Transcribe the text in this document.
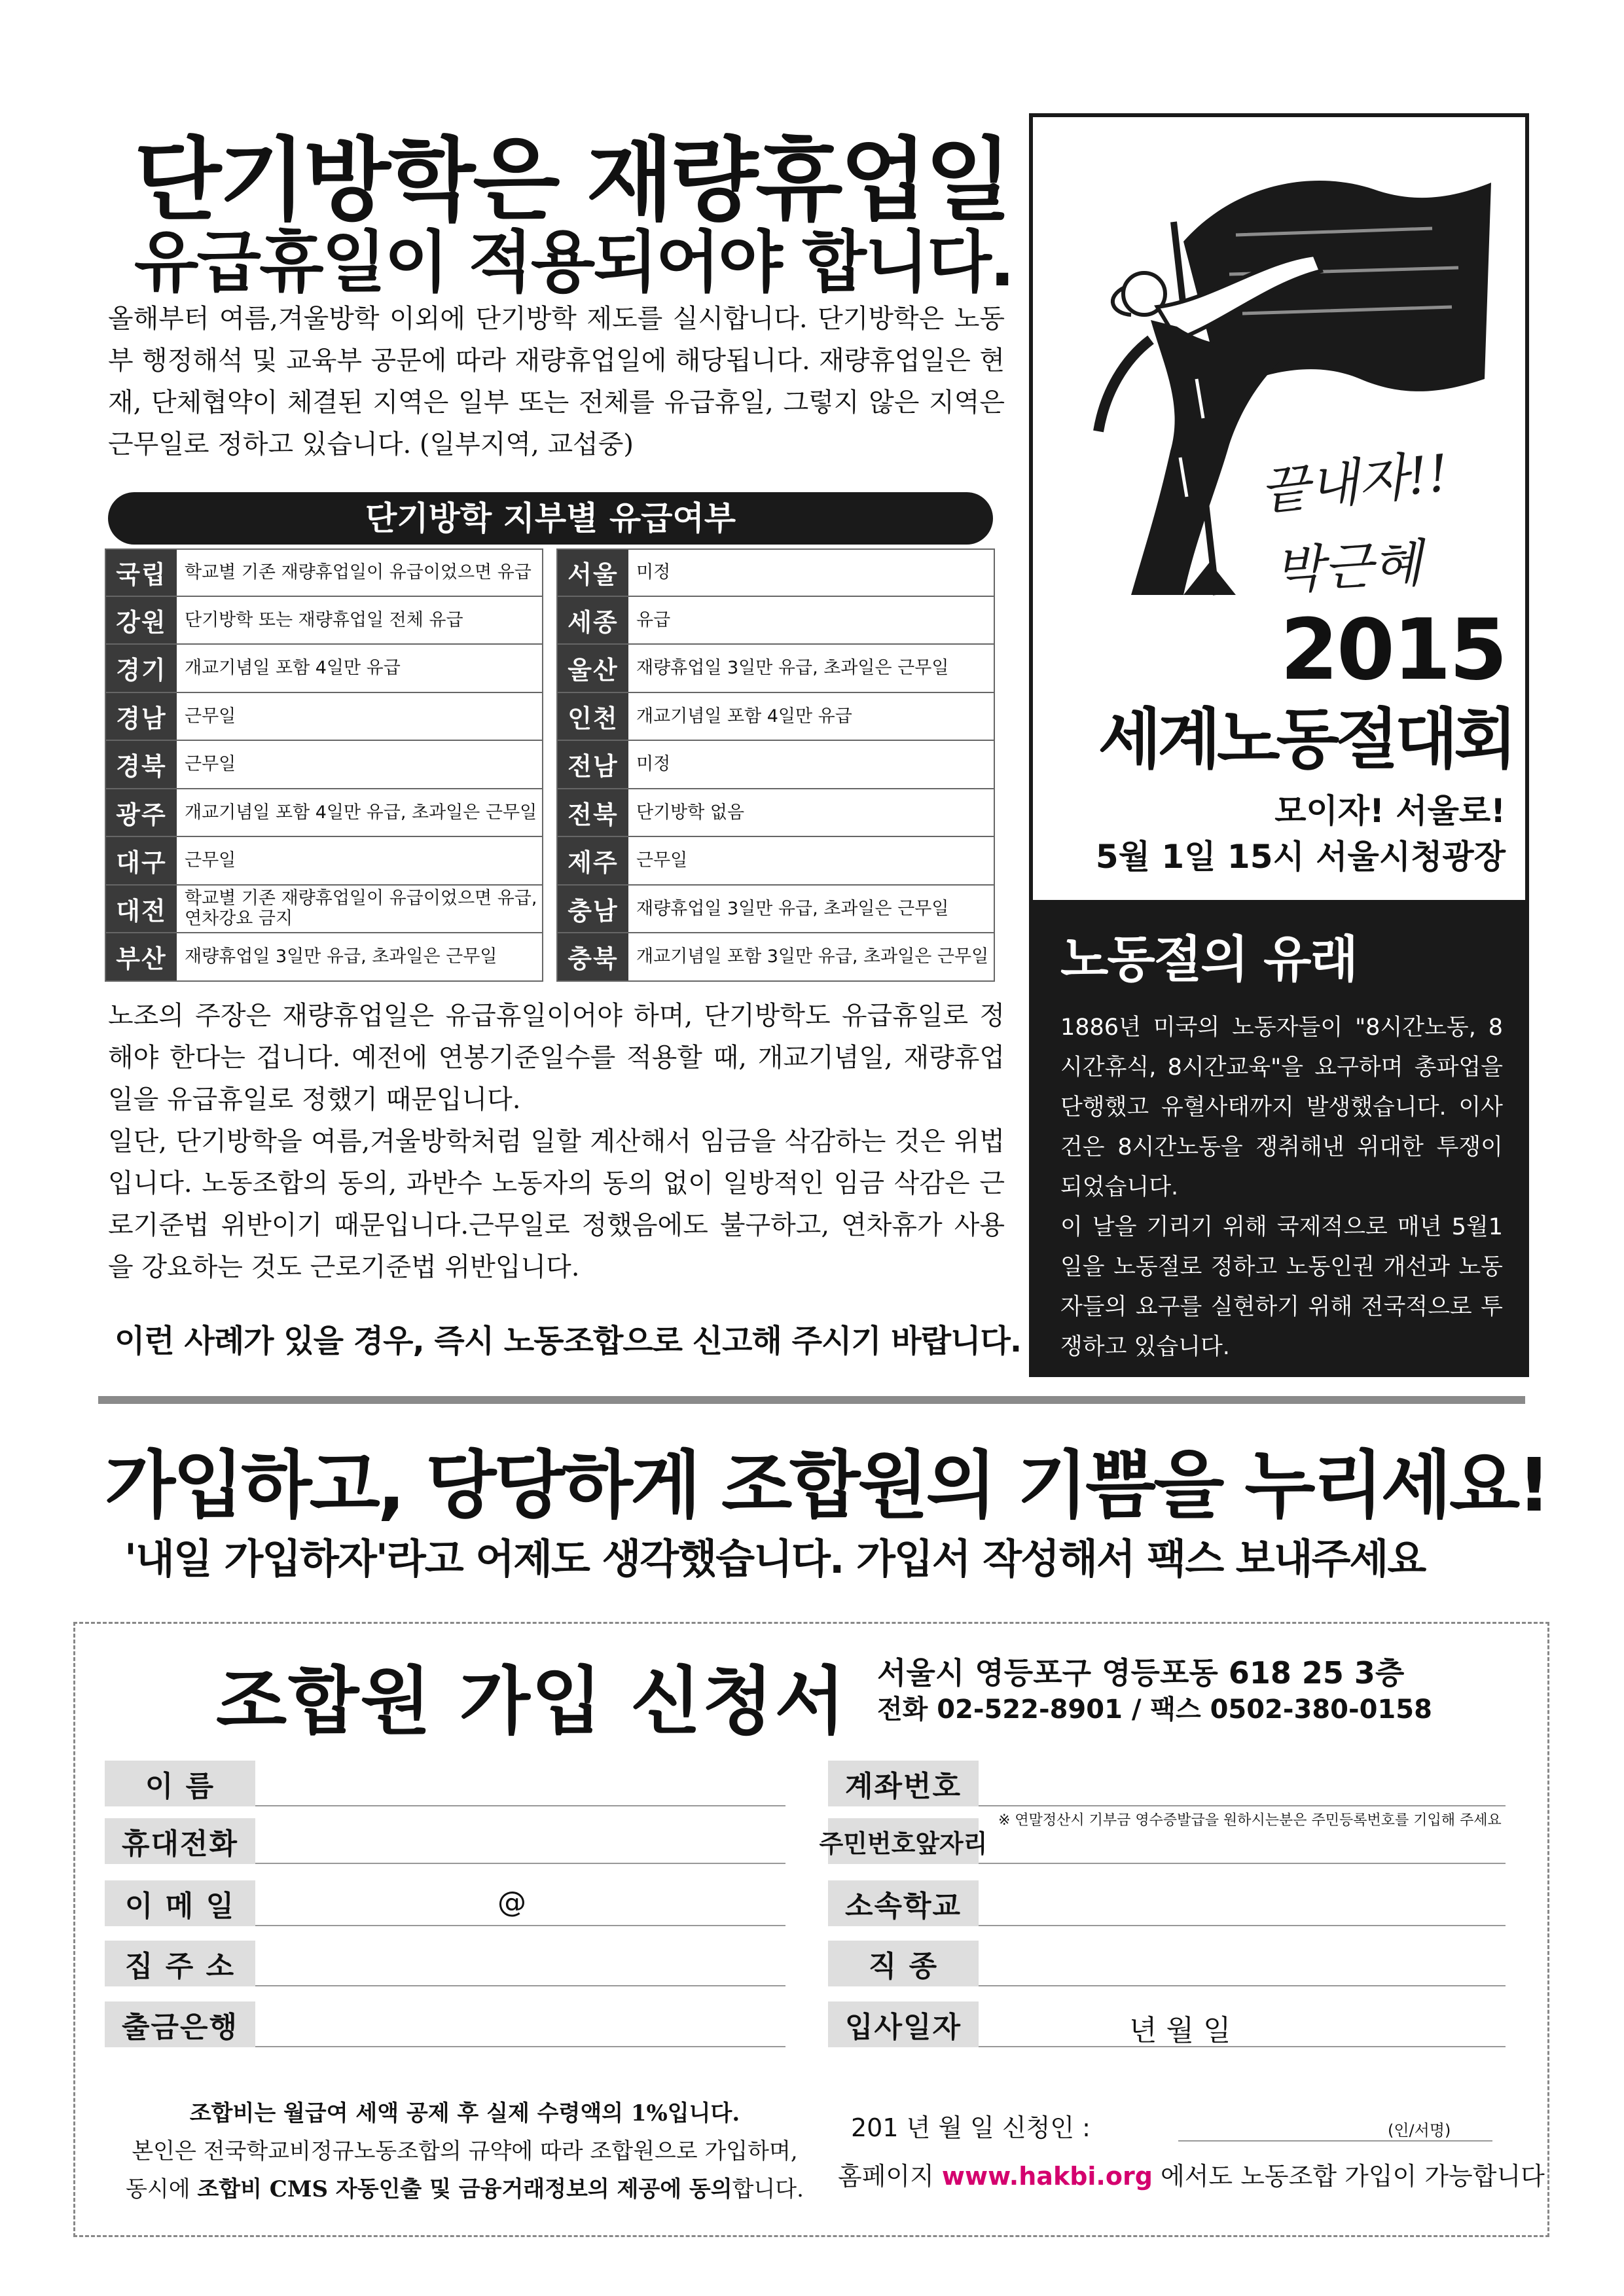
단기방학은 재량휴업일
유급휴일이 적용되어야 합니다.

올해부터 여름,겨울방학 이외에 단기방학 제도를 실시합니다. 단기방학은 노동부 행정해석 및 교육부 공문에 따라 재량휴업일에 해당됩니다. 재량휴업일은 현재, 단체협약이 체결된 지역은 일부 또는 전체를 유급휴일, 그렇지 않은 지역은 근무일로 정하고 있습니다. (일부지역, 교섭중)

단기방학 지부별 유급여부
국립	학교별 기존 재량휴업일이 유급이었으면 유급
강원	단기방학 또는 재량휴업일 전체 유급
경기	개교기념일 포함 4일만 유급
경남	근무일
경북	근무일
광주	개교기념일 포함 4일만 유급, 초과일은 근무일
대구	근무일
대전	학교별 기존 재량휴업일이 유급이었으면 유급, 연차강요 금지
부산	재량휴업일 3일만 유급, 초과일은 근무일
서울	미정
세종	유급
울산	재량휴업일 3일만 유급, 초과일은 근무일
인천	개교기념일 포함 4일만 유급
전남	미정
전북	단기방학 없음
제주	근무일
충남	재량휴업일 3일만 유급, 초과일은 근무일
충북	개교기념일 포함 3일만 유급, 초과일은 근무일

노조의 주장은 재량휴업일은 유급휴일이어야 하며, 단기방학도 유급휴일로 정해야 한다는 겁니다. 예전에 연봉기준일수를 적용할 때, 개교기념일, 재량휴업일을 유급휴일로 정했기 때문입니다.

일단, 단기방학을 여름,겨울방학처럼 일할 계산해서 임금을 삭감하는 것은 위법입니다. 노동조합의 동의, 과반수 노동자의 동의 없이 일방적인 임금 삭감은 근로기준법 위반이기 때문입니다.근무일로 정했음에도 불구하고, 연차휴가 사용을 강요하는 것도 근로기준법 위반입니다.

이런 사례가 있을 경우, 즉시 노동조합으로 신고해 주시기 바랍니다.
끝내자!!
박근혜
2015
세계노동절대회
모이자! 서울로!
5월 1일 15시 서울시청광장
노동절의 유래

1886년 미국의 노동자들이 "8시간노동, 8시간휴식, 8시간교육"을 요구하며 총파업을 단행했고 유혈사태까지 발생했습니다. 이사건은 8시간노동을 쟁취해낸 위대한 투쟁이 되었습니다.

이 날을 기리기 위해 국제적으로 매년 5월1일을 노동절로 정하고 노동인권 개선과 노동자들의 요구를 실현하기 위해 전국적으로 투쟁하고 있습니다.

가입하고, 당당하게 조합원의 기쁨을 누리세요!
'내일 가입하자'라고 어제도 생각했습니다. 가입서 작성해서 팩스 보내주세요
조합원 가입 신청서 서울시 영등포구 영등포동 618 25 3층
전화 02-522-8901 / 팩스 0502-380-0158
이 름
휴대전화
이 메 일	@
집 주 소
출금은행
계좌번호
주민번호앞자리
소속학교
직 종
입사일자	년 월 일
※ 연말정산시 기부금 영수증발급을 원하시는분은 주민등록번호를 기입해 주세요
조합비는 월급여 세액 공제 후 실제 수령액의 1%입니다.
본인은 전국학교비정규노동조합의 규약에 따라 조합원으로 가입하며,
동시에 조합비 CMS 자동인출 및 금융거래정보의 제공에 동의합니다.
201 년 월 일 신청인 :	(인/서명)
홈페이지 www.hakbi.org 에서도 노동조합 가입이 가능합니다
